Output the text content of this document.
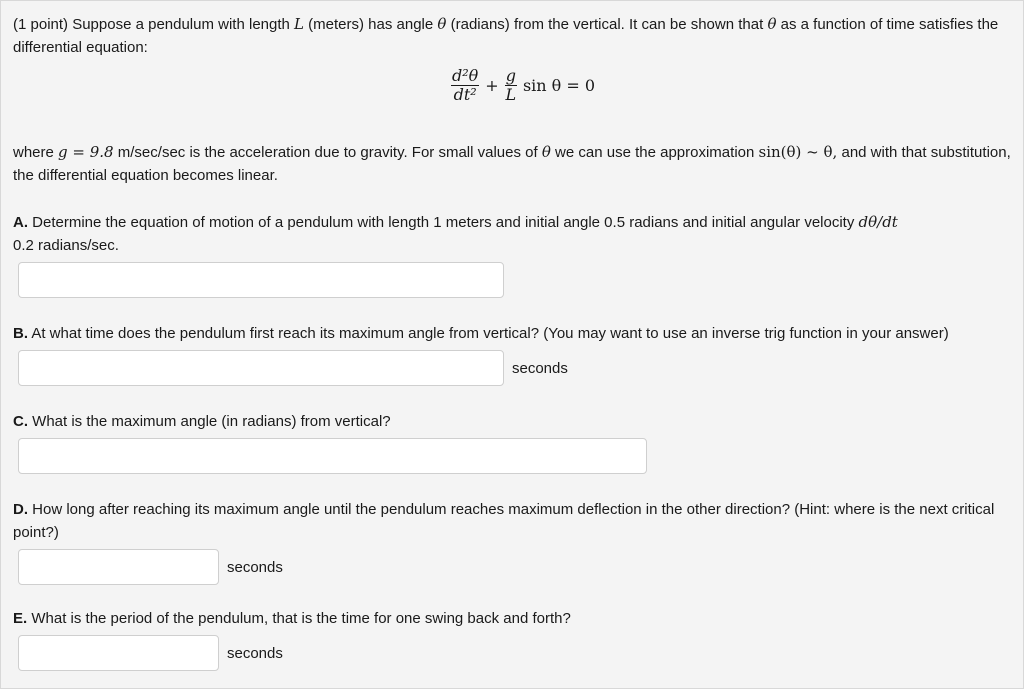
(1 point) Suppose a pendulum with length L (meters) has angle θ (radians) from the vertical. It can be shown that θ as a function of time satisfies the differential equation:
$\frac{\text{d²θ}}{\text{dt²}} + \frac{g}{L}$ sin θ = 0
where g = 9.8 m/sec/sec is the acceleration due to gravity. For small values of θ we can use the approximation sin(θ) ~ θ, and with that substitution, the differential equation becomes linear.
A. Determine the equation of motion of a pendulum with length 1 meters and initial angle 0.5 radians and initial angular velocity dθ/dt
0.2 radians/sec.
B. At what time does the pendulum first reach its maximum angle from vertical? (You may want to use an inverse trig function in your answer)
seconds
C. What is the maximum angle (in radians) from vertical?
D. How long after reaching its maximum angle until the pendulum reaches maximum deflection in the other direction? (Hint: where is the next critical point?)
seconds
E. What is the period of the pendulum, that is the time for one swing back and forth?
seconds
